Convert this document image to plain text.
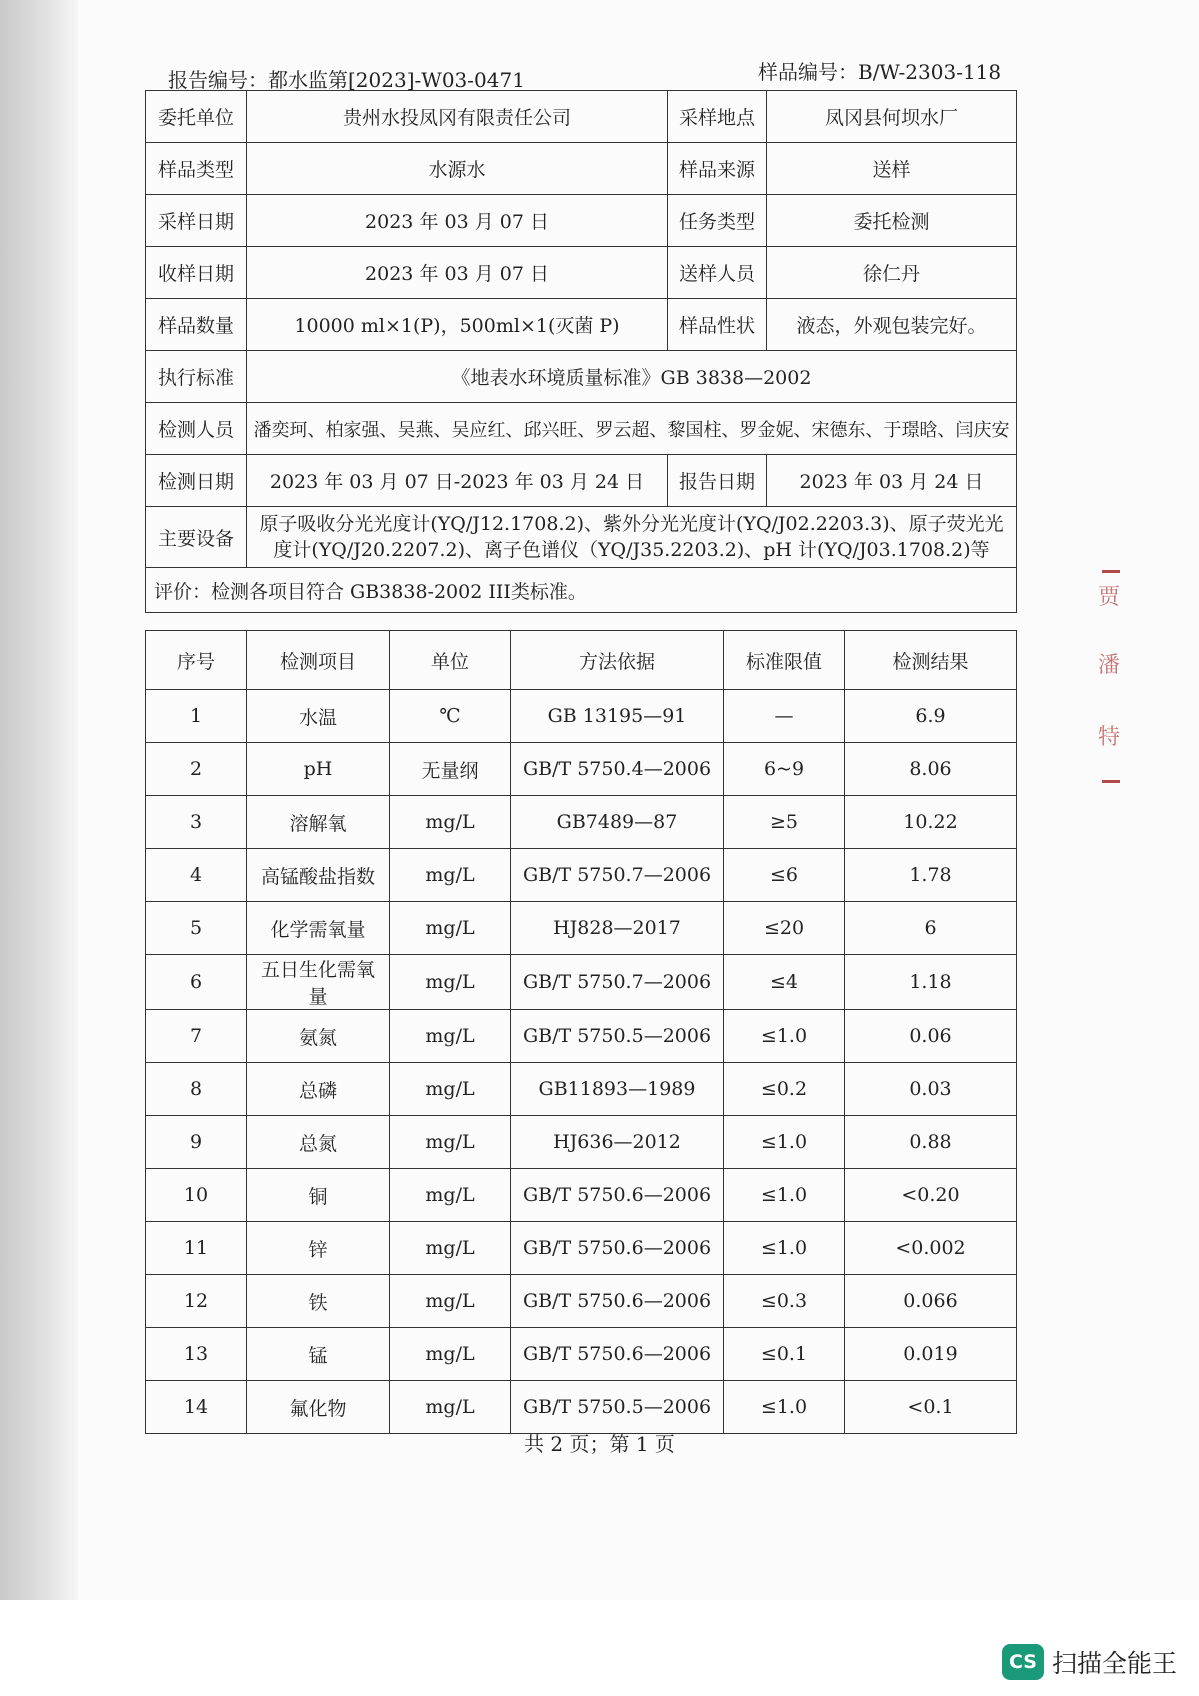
报告编号：都水监第[2023]-W03-0471	样品编号：B/W-2303-118
委托单位	贵州水投凤冈有限责任公司	采样地点	凤冈县何坝水厂
样品类型	水源水	样品来源	送样
采样日期	2023 年 03 月 07 日	任务类型	委托检测
收样日期	2023 年 03 月 07 日	送样人员	徐仁丹
样品数量	10000 ml×1(P)，500ml×1(灭菌 P)	样品性状	液态，外观包装完好。
执行标准	《地表水环境质量标准》GB 3838—2002		
检测人员	潘奕珂、柏家强、吴燕、吴应红、邱兴旺、罗云超、黎国柱、罗金妮、宋德东、于璟晗、闫庆安		
检测日期	2023 年 03 月 07 日-2023 年 03 月 24 日	报告日期	2023 年 03 月 24 日
主要设备	原子吸收分光光度计(YQ/J12.1708.2)、紫外分光光度计(YQ/J02.2203.3)、原子荧光光度计(YQ/J20.2207.2)、离子色谱仪（YQ/J35.2203.2)、pH 计(YQ/J03.1708.2)等		
评价：检测各项目符合 GB3838-2002 III类标准。			
序号	检测项目	单位	方法依据	标准限值	检测结果
1	水温	℃	GB 13195—91	—	6.9
2	pH	无量纲	GB/T 5750.4—2006	6~9	8.06
3	溶解氧	mg/L	GB7489—87	≥5	10.22
4	高锰酸盐指数	mg/L	GB/T 5750.7—2006	≤6	1.78
5	化学需氧量	mg/L	HJ828—2017	≤20	6
6	五日生化需氧量	mg/L	GB/T 5750.7—2006	≤4	1.18
7	氨氮	mg/L	GB/T 5750.5—2006	≤1.0	0.06
8	总磷	mg/L	GB11893—1989	≤0.2	0.03
9	总氮	mg/L	HJ636—2012	≤1.0	0.88
10	铜	mg/L	GB/T 5750.6—2006	≤1.0	<0.20
11	锌	mg/L	GB/T 5750.6—2006	≤1.0	<0.002
12	铁	mg/L	GB/T 5750.6—2006	≤0.3	0.066
13	锰	mg/L	GB/T 5750.6—2006	≤0.1	0.019
14	氟化物	mg/L	GB/T 5750.5—2006	≤1.0	<0.1
共 2 页；第 1 页
贾
潘
特
CS 扫描全能王
